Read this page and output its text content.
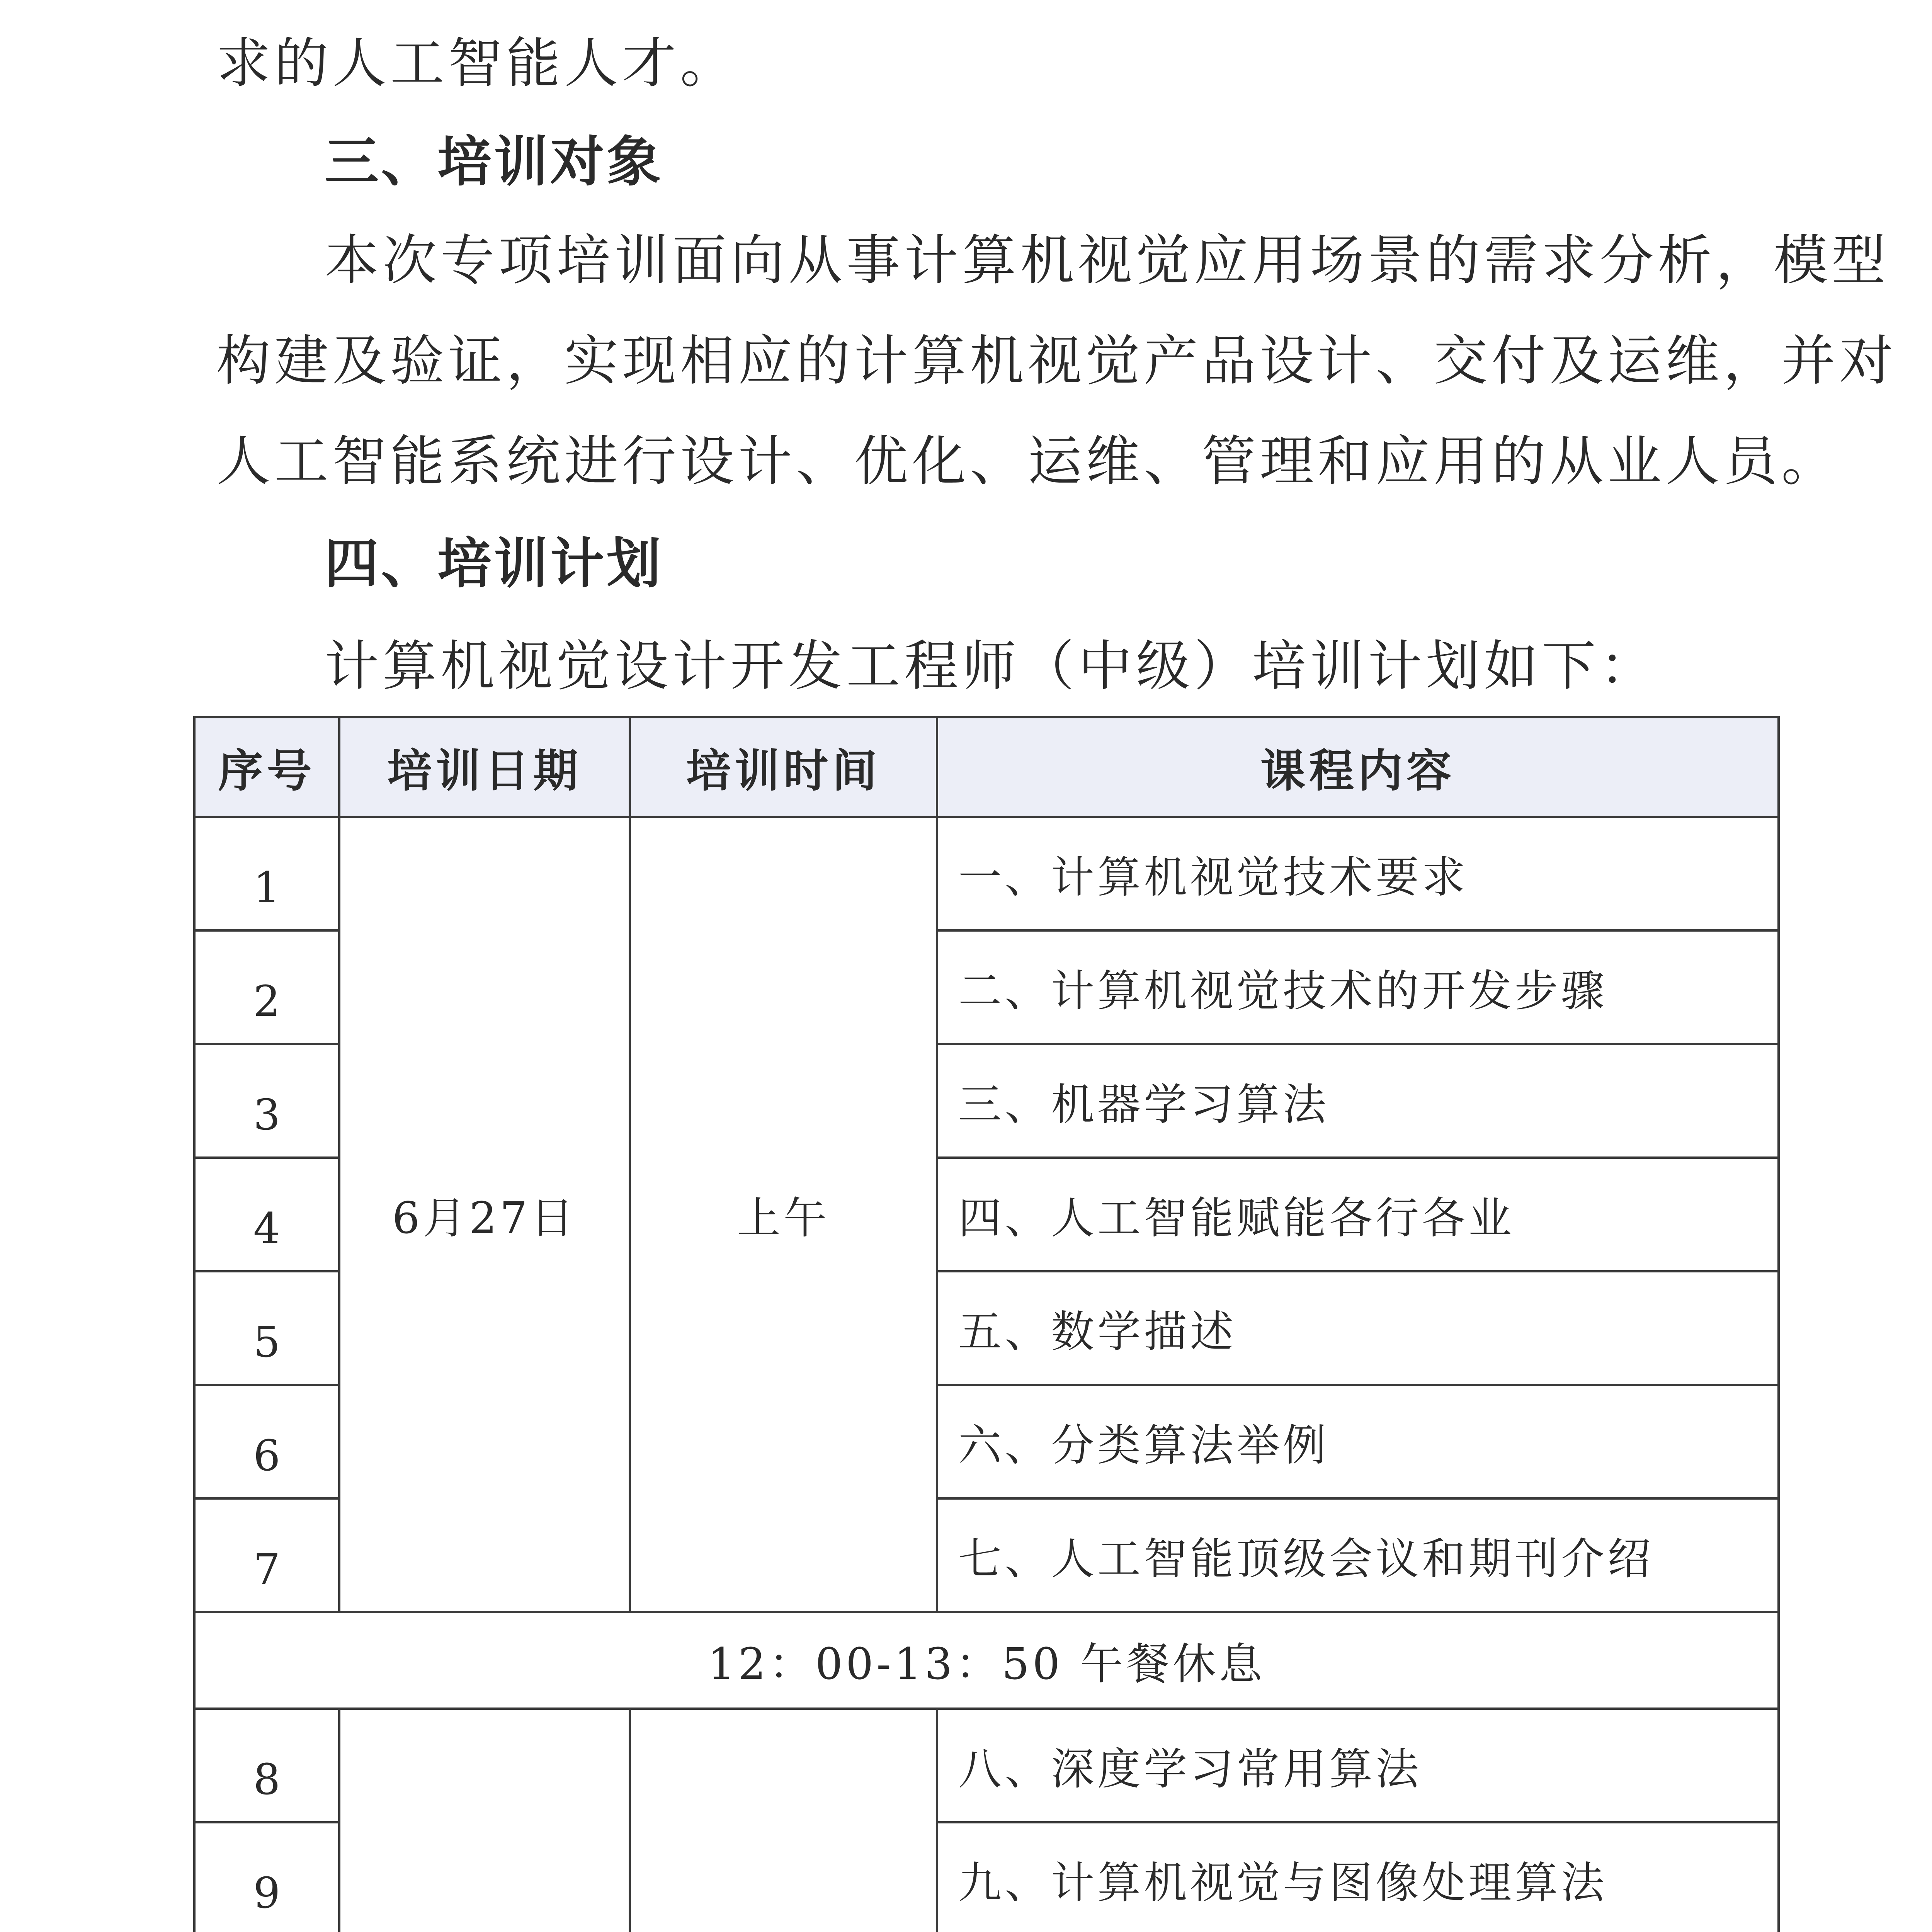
求的人工智能人才。
三、培训对象
本次专项培训面向从事计算机视觉应用场景的需求分析，模型
构建及验证，实现相应的计算机视觉产品设计、交付及运维，并对
人工智能系统进行设计、优化、运维、管理和应用的从业人员。
四、培训计划
计算机视觉设计开发工程师（中级）培训计划如下：
序号	培训日期	培训时间	课程内容
1	6月27日	上午	一、计算机视觉技术要求
2			二、计算机视觉技术的开发步骤
3			三、机器学习算法
4			四、人工智能赋能各行各业
5			五、数学描述
6			六、分类算法举例
7			七、人工智能顶级会议和期刊介绍
12：00-13：50 午餐休息			
8			八、深度学习常用算法
9			九、计算机视觉与图像处理算法
